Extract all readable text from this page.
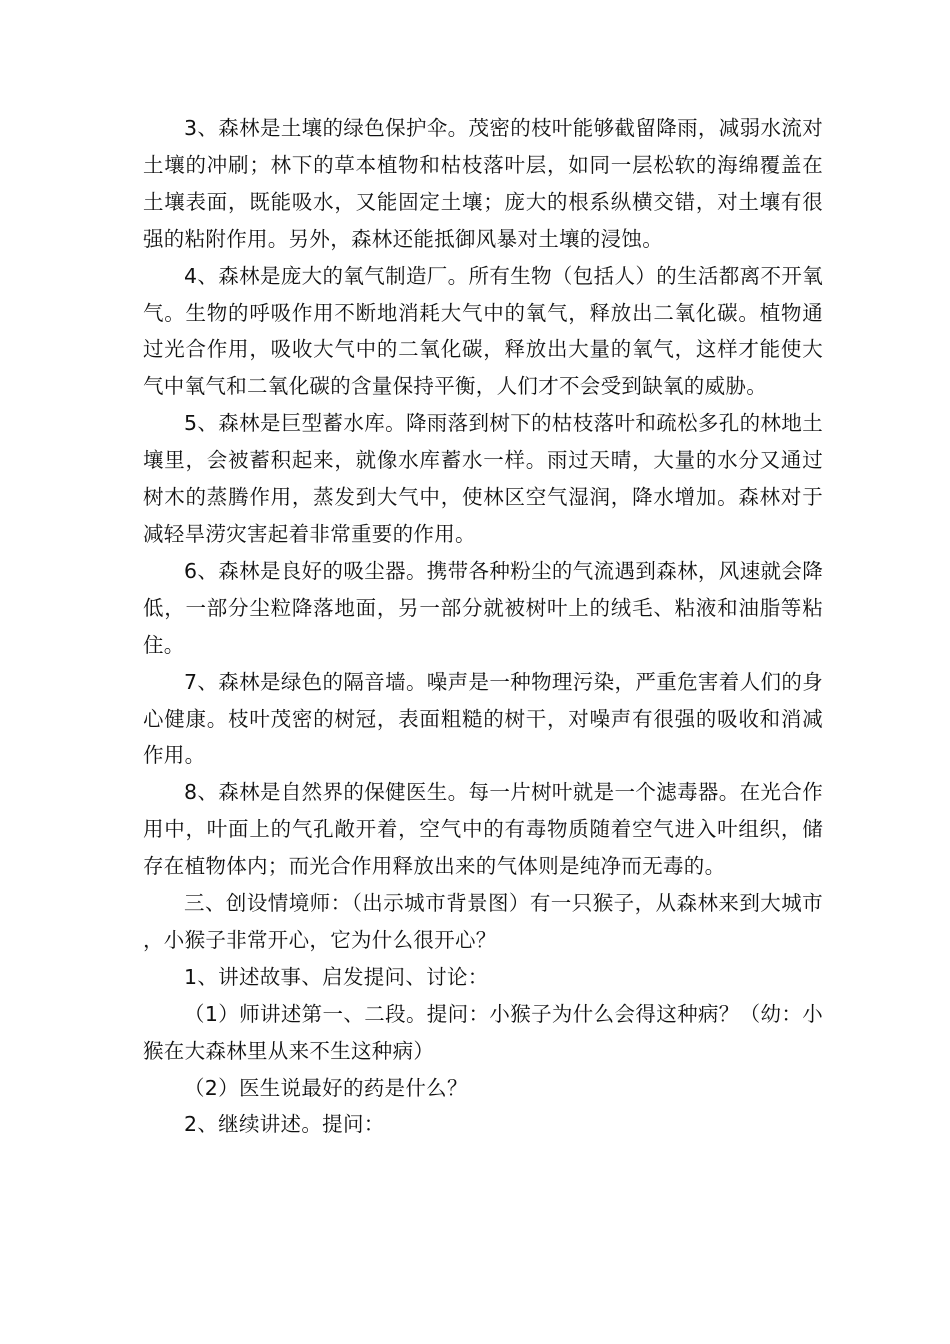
3、森林是土壤的绿色保护伞。茂密的枝叶能够截留降雨，减弱水流对土壤的冲刷；林下的草本植物和枯枝落叶层，如同一层松软的海绵覆盖在土壤表面，既能吸水，又能固定土壤；庞大的根系纵横交错，对土壤有很强的粘附作用。另外，森林还能抵御风暴对土壤的浸蚀。

4、森林是庞大的氧气制造厂。所有生物（包括人）的生活都离不开氧气。生物的呼吸作用不断地消耗大气中的氧气，释放出二氧化碳。植物通过光合作用，吸收大气中的二氧化碳，释放出大量的氧气，这样才能使大气中氧气和二氧化碳的含量保持平衡，人们才不会受到缺氧的威胁。

5、森林是巨型蓄水库。降雨落到树下的枯枝落叶和疏松多孔的林地土壤里，会被蓄积起来，就像水库蓄水一样。雨过天晴，大量的水分又通过树木的蒸腾作用，蒸发到大气中，使林区空气湿润，降水增加。森林对于减轻旱涝灾害起着非常重要的作用。

6、森林是良好的吸尘器。携带各种粉尘的气流遇到森林，风速就会降低，一部分尘粒降落地面，另一部分就被树叶上的绒毛、粘液和油脂等粘住。

7、森林是绿色的隔音墙。噪声是一种物理污染，严重危害着人们的身心健康。枝叶茂密的树冠，表面粗糙的树干，对噪声有很强的吸收和消减作用。

8、森林是自然界的保健医生。每一片树叶就是一个滤毒器。在光合作用中，叶面上的气孔敞开着，空气中的有毒物质随着空气进入叶组织，储存在植物体内；而光合作用释放出来的气体则是纯净而无毒的。

三、创设情境师：（出示城市背景图）有一只猴子，从森林来到大城市，小猴子非常开心，它为什么很开心？

1、讲述故事、启发提问、讨论：

（1）师讲述第一、二段。提问：小猴子为什么会得这种病？（幼：小猴在大森林里从来不生这种病）

（2）医生说最好的药是什么？

2、继续讲述。提问：
